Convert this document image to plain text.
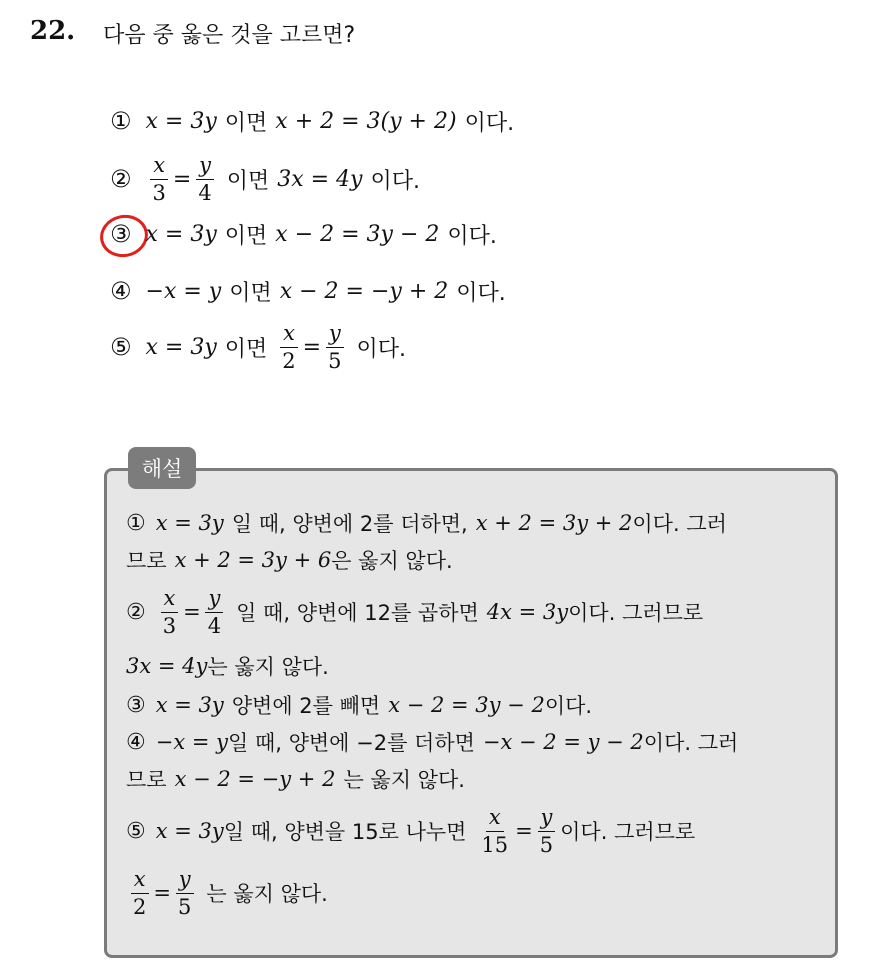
22. 다음 중 옳은 것을 고르면?
① x = 3y 이면 x + 2 = 3(y + 2) 이다.
② $\frac{x}{3} = \frac{y}{4}$ 이면 3x = 4y 이다.
③ x = 3y 이면 x − 2 = 3y − 2 이다.
④ −x = y 이면 x − 2 = −y + 2 이다.
⑤ x = 3y 이면 $\frac{x}{2} = \frac{y}{5}$ 이다.
해설
① x = 3y 일 때, 양변에 2를 더하면, x + 2 = 3y + 2 이다. 그러
므로 x + 2 = 3y + 6 은 옳지 않다.
② $\frac{x}{3} = \frac{y}{4}$ 일 때, 양변에 12를 곱하면 4x = 3y 이다. 그러므로
3x = 4y 는 옳지 않다.
③ x = 3y 양변에 2를 빼면 x − 2 = 3y − 2 이다.
④ −x = y 일 때, 양변에 −2를 더하면 −x − 2 = y − 2 이다. 그러
므로 x − 2 = −y + 2 는 옳지 않다.
⑤ x = 3y 일 때, 양변을 15로 나누면 $\frac{x}{15} = \frac{y}{5}$ 이다. 그러므로
$\frac{x}{2} = \frac{y}{5}$ 는 옳지 않다.
